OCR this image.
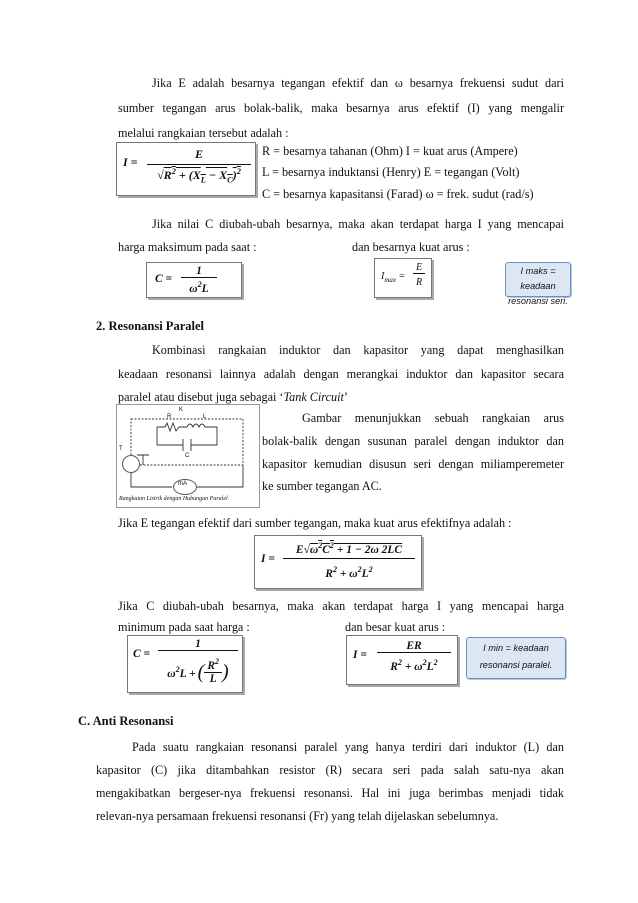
Jika E adalah besarnya tegangan efektif dan ω besarnya frekuensi sudut dari
sumber tegangan arus bolak-balik, maka besarnya arus efektif (I) yang mengalir
melalui rangkaian tersebut adalah :
I =
E
$√R^2 + (X_L - X_C)^2$
R = besarnya tahanan (Ohm) I = kuat arus (Ampere)
L = besarnya induktansi (Henry) E = tegangan (Volt)
C = besarnya kapasitansi (Farad) ω = frek. sudut (rad/s)
Jika nilai C diubah-ubah besarnya, maka akan terdapat harga I yang mencapai
harga maksimum pada saat :	dan besarnya kuat arus :
C =
1
$\omega^2L$
$I_{max}$ =
E
R
I maks = keadaan
resonansi seri.
2. Resonansi Paralel
Kombinasi rangkaian induktor dan kapasitor yang dapat menghasilkan
keadaan resonansi lainnya adalah dengan merangkai induktor dan kapasitor secara
paralel atau disebut juga sebagai ‘Tank Circuit’
K
R	L
C
T
mA
Rangkaian Listrik dengan Hubungan Paralel
Gambar menunjukkan sebuah rangkaian arus
bolak-balik dengan susunan paralel dengan induktor dan
kapasitor kemudian disusun seri dengan miliamperemeter
ke sumber tegangan AC.
Jika E tegangan efektif dari sumber tegangan, maka kuat arus efektifnya adalah :
I =
$E√\omega^2C^2 + 1 - 2\omega$ 2LC
$R^2 + \omega^2L^2$
Jika C diubah-ubah besarnya, maka akan terdapat harga I yang mencapai harga
minimum pada saat harga :	dan besar kuat arus :
C =
1
$\omega^2L$ + ( $\frac{R^2}{L}$ )
I =
ER
$R^2 + \omega^2L^2$
I min = keadaan
resonansi paralel.
C. Anti Resonansi
Pada suatu rangkaian resonansi paralel yang hanya terdiri dari induktor (L) dan
kapasitor (C) jika ditambahkan resistor (R) secara seri pada salah satu-nya akan
mengakibatkan bergeser-nya frekuensi resonansi. Hal ini juga berimbas menjadi tidak
relevan-nya persamaan frekuensi resonansi (Fr) yang telah dijelaskan sebelumnya.
